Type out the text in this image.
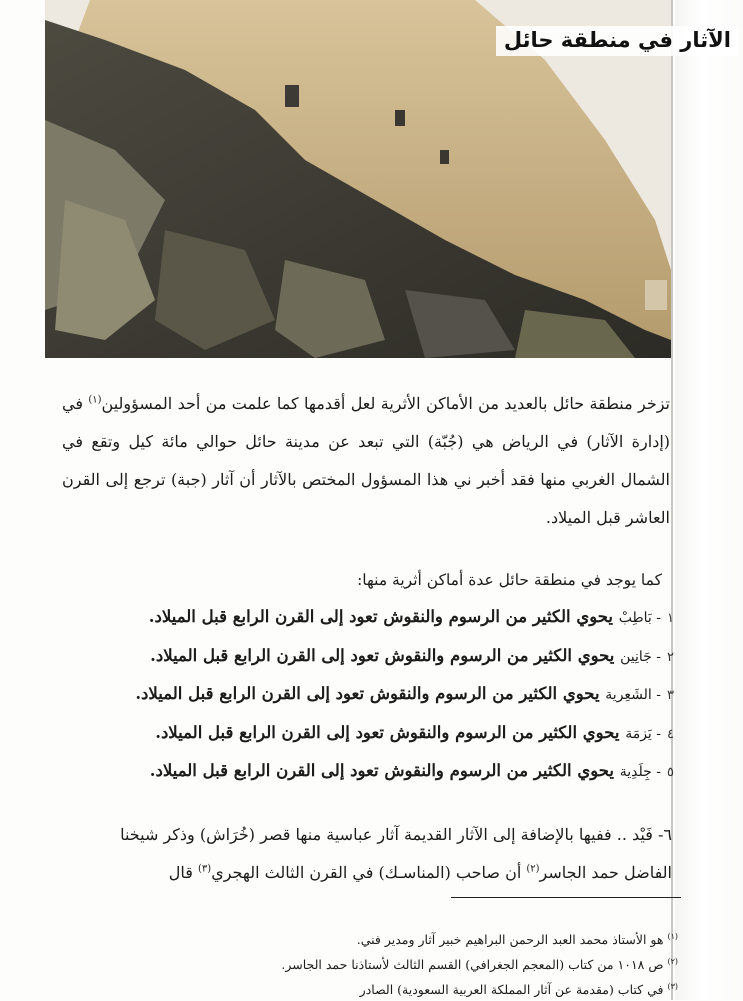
الآثار في منطقة حائل

تزخر منطقة حائل بالعديد من الأماكن الأثرية لعل أقدمها كما علمت من أحد المسؤولين$^{(١)}$ في (إدارة الآثار) في الرياض هي (جُبّة) التي تبعد عن مدينة حائل حوالي مائة كيل وتقع في الشمال الغربي منها فقد أخبر ني هذا المسؤول المختص بالآثار أن آثار (جبة) ترجع إلى القرن العاشر قبل الميلاد.

كما يوجد في منطقة حائل عدة أماكن أثرية منها:

١- بَاطِبْ يحوي الكثير من الرسوم والنقوش تعود إلى القرن الرابع قبل الميلاد.
٢- جَانِين يحوي الكثير من الرسوم والنقوش تعود إلى القرن الرابع قبل الميلاد.
٣- الشَعِرية يحوي الكثير من الرسوم والنقوش تعود إلى القرن الرابع قبل الميلاد.
٤- يَزمَة يحوي الكثير من الرسوم والنقوش تعود إلى القرن الرابع قبل الميلاد.
٥- جِلَدِية يحوي الكثير من الرسوم والنقوش تعود إلى القرن الرابع قبل الميلاد.

٦- فَيْد .. ففيها بالإضافة إلى الآثار القديمة آثار عباسية منها قصر (خُرَاش) وذكر شيخنا
الفاضل حمد الجاسر$^{(٢)}$ أن صاحب (المناسـك) في القرن الثالث الهجري$^{(٣)}$ قال

$^{(١)}$ هو الأستاذ محمد العبد الرحمن البراهيم خبير آثار ومدير فني.
$^{(٢)}$ ص ١٠١٨ من كتاب (المعجم الجغرافي) القسم الثالث لأستاذنا حمد الجاسر.
$^{(٣)}$ في كتاب (مقدمة عن آثار المملكة العربية السعودية) الصادر
